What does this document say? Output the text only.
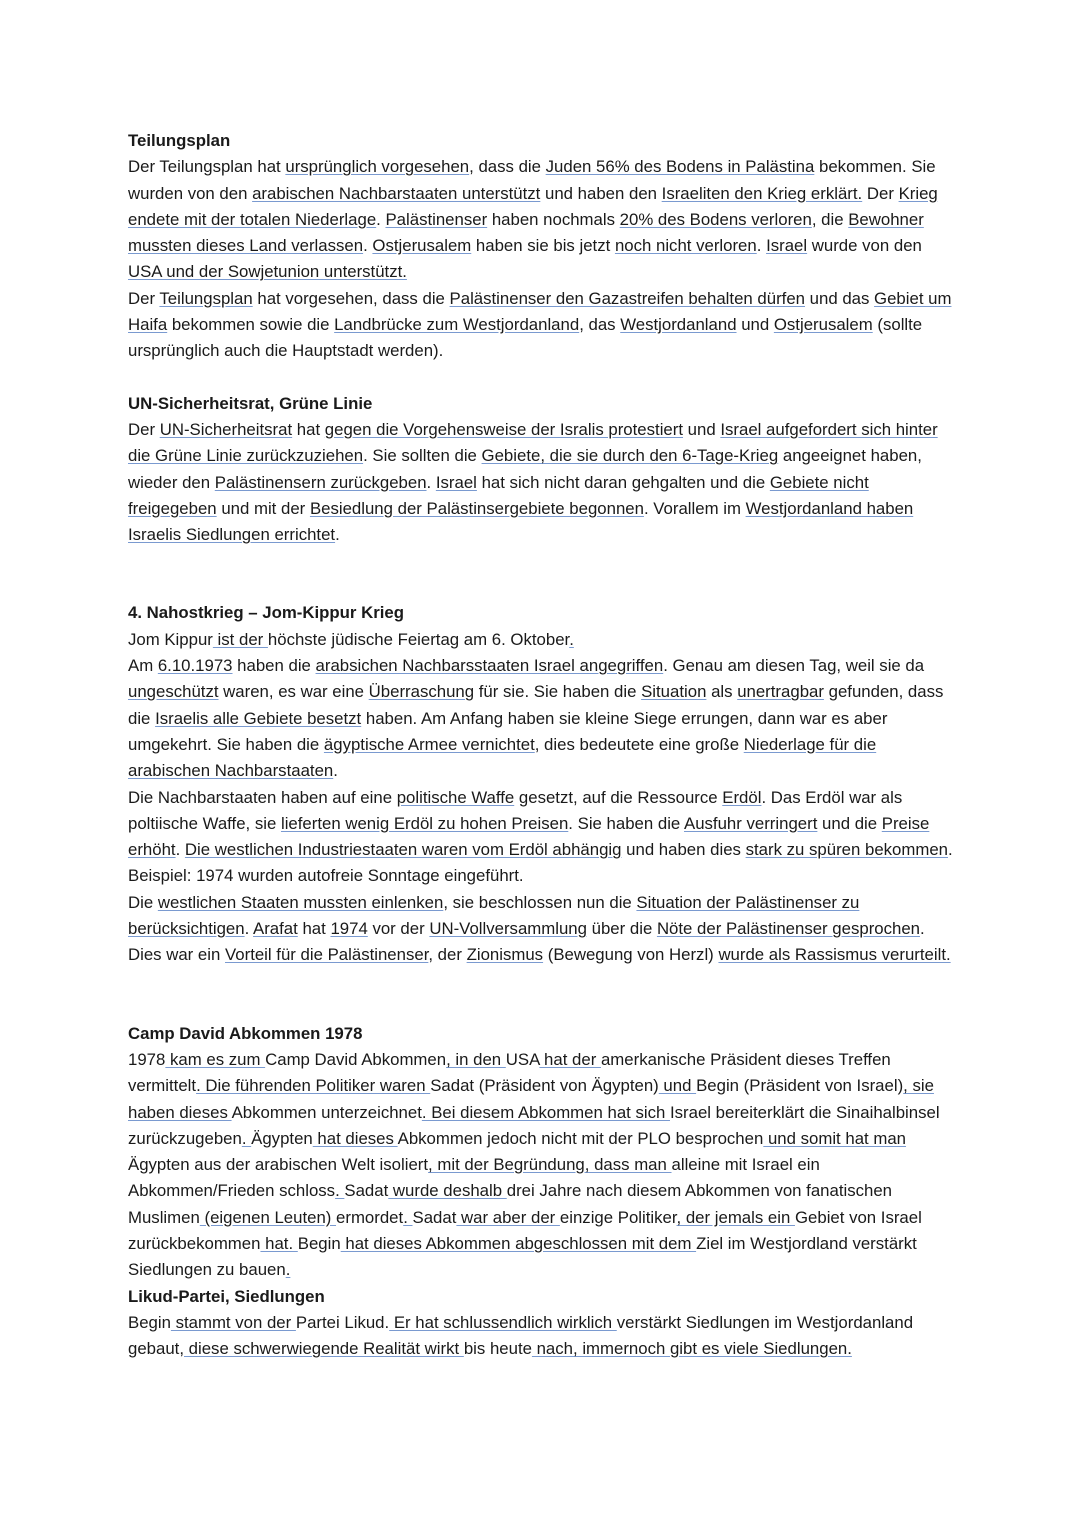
Teilungsplan

Der Teilungsplan hat ursprünglich vorgesehen, dass die Juden 56% des Bodens in Palästina bekommen. Sie wurden von den arabischen Nachbarstaaten unterstützt und haben den Israeliten den Krieg erklärt. Der Krieg endete mit der totalen Niederlage. Palästinenser haben nochmals 20% des Bodens verloren, die Bewohner mussten dieses Land verlassen. Ostjerusalem haben sie bis jetzt noch nicht verloren. Israel wurde von den USA und der Sowjetunion unterstützt.

Der Teilungsplan hat vorgesehen, dass die Palästinenser den Gazastreifen behalten dürfen und das Gebiet um Haifa bekommen sowie die Landbrücke zum Westjordanland, das Westjordanland und Ostjerusalem (sollte ursprünglich auch die Hauptstadt werden).

UN-Sicherheitsrat, Grüne Linie

Der UN-Sicherheitsrat hat gegen die Vorgehensweise der Isralis protestiert und Israel aufgefordert sich hinter die Grüne Linie zurückzuziehen. Sie sollten die Gebiete, die sie durch den 6-Tage-Krieg angeeignet haben, wieder den Palästinensern zurückgeben. Israel hat sich nicht daran gehgalten und die Gebiete nicht freigegeben und mit der Besiedlung der Palästinsergebiete begonnen. Vorallem im Westjordanland haben Israelis Siedlungen errichtet.

4. Nahostkrieg – Jom-Kippur Krieg

Jom Kippur ist der höchste jüdische Feiertag am 6. Oktober.

Am 6.10.1973 haben die arabsichen Nachbarsstaaten Israel angegriffen. Genau am diesen Tag, weil sie da ungeschützt waren, es war eine Überraschung für sie. Sie haben die Situation als unertragbar gefunden, dass die Israelis alle Gebiete besetzt haben. Am Anfang haben sie kleine Siege errungen, dann war es aber umgekehrt. Sie haben die ägyptische Armee vernichtet, dies bedeutete eine große Niederlage für die arabischen Nachbarstaaten.

Die Nachbarstaaten haben auf eine politische Waffe gesetzt, auf die Ressource Erdöl. Das Erdöl war als poltiische Waffe, sie lieferten wenig Erdöl zu hohen Preisen. Sie haben die Ausfuhr verringert und die Preise erhöht. Die westlichen Industriestaaten waren vom Erdöl abhängig und haben dies stark zu spüren bekommen. Beispiel: 1974 wurden autofreie Sonntage eingeführt.

Die westlichen Staaten mussten einlenken, sie beschlossen nun die Situation der Palästinenser zu berücksichtigen. Arafat hat 1974 vor der UN-Vollversammlung über die Nöte der Palästinenser gesprochen. Dies war ein Vorteil für die Palästinenser, der Zionismus (Bewegung von Herzl) wurde als Rassismus verurteilt.

Camp David Abkommen 1978

1978 kam es zum Camp David Abkommen, in den USA hat der amerkanische Präsident dieses Treffen vermittelt. Die führenden Politiker waren Sadat (Präsident von Ägypten) und Begin (Präsident von Israel), sie haben dieses Abkommen unterzeichnet. Bei diesem Abkommen hat sich Israel bereiterklärt die Sinaihalbinsel zurückzugeben. Ägypten hat dieses Abkommen jedoch nicht mit der PLO besprochen und somit hat man Ägypten aus der arabischen Welt isoliert, mit der Begründung, dass man alleine mit Israel ein Abkommen/Frieden schloss. Sadat wurde deshalb drei Jahre nach diesem Abkommen von fanatischen Muslimen (eigenen Leuten) ermordet. Sadat war aber der einzige Politiker, der jemals ein Gebiet von Israel zurückbekommen hat. Begin hat dieses Abkommen abgeschlossen mit dem Ziel im Westjordland verstärkt Siedlungen zu bauen.

Likud-Partei, Siedlungen

Begin stammt von der Partei Likud. Er hat schlussendlich wirklich verstärkt Siedlungen im Westjordanland gebaut, diese schwerwiegende Realität wirkt bis heute nach, immernoch gibt es viele Siedlungen.
